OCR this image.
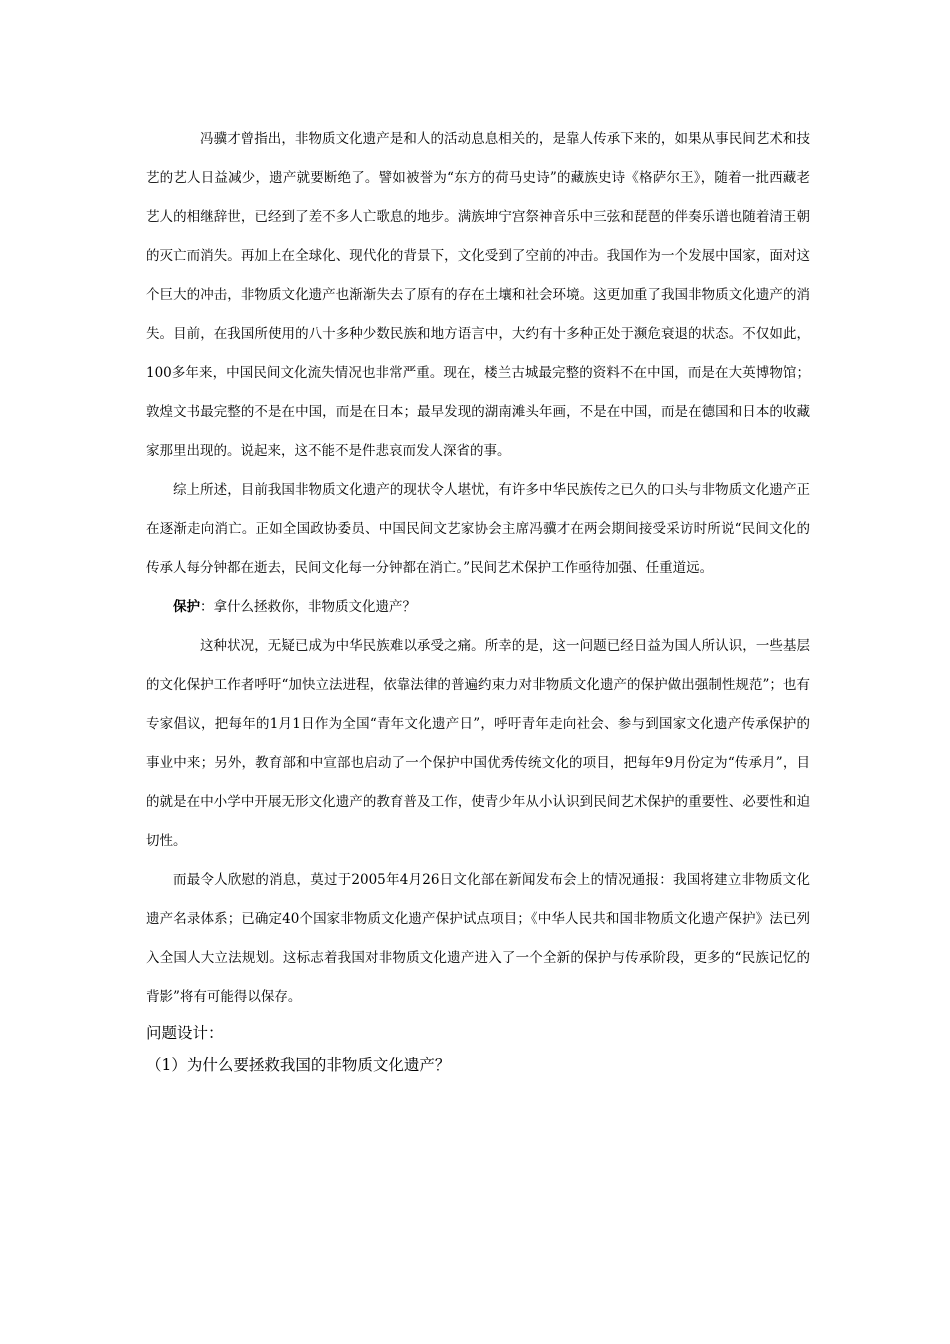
冯骥才曾指出，非物质文化遗产是和人的活动息息相关的，是靠人传承下来的，如果从事民间艺术和技艺的艺人日益减少，遗产就要断绝了。譬如被誉为“东方的荷马史诗”的藏族史诗《格萨尔王》，随着一批西藏老艺人的相继辞世，已经到了差不多人亡歌息的地步。满族坤宁宫祭神音乐中三弦和琵琶的伴奏乐谱也随着清王朝的灭亡而消失。再加上在全球化、现代化的背景下，文化受到了空前的冲击。我国作为一个发展中国家，面对这个巨大的冲击，非物质文化遗产也渐渐失去了原有的存在土壤和社会环境。这更加重了我国非物质文化遗产的消失。目前，在我国所使用的八十多种少数民族和地方语言中，大约有十多种正处于濒危衰退的状态。不仅如此，100多年来，中国民间文化流失情况也非常严重。现在，楼兰古城最完整的资料不在中国，而是在大英博物馆；敦煌文书最完整的不是在中国，而是在日本；最早发现的湖南滩头年画，不是在中国，而是在德国和日本的收藏家那里出现的。说起来，这不能不是件悲哀而发人深省的事。

综上所述，目前我国非物质文化遗产的现状令人堪忧，有许多中华民族传之已久的口头与非物质文化遗产正在逐渐走向消亡。正如全国政协委员、中国民间文艺家协会主席冯骥才在两会期间接受采访时所说“民间文化的传承人每分钟都在逝去，民间文化每一分钟都在消亡。”民间艺术保护工作亟待加强、任重道远。

保护：拿什么拯救你，非物质文化遗产？

这种状况，无疑已成为中华民族难以承受之痛。所幸的是，这一问题已经日益为国人所认识，一些基层的文化保护工作者呼吁“加快立法进程，依靠法律的普遍约束力对非物质文化遗产的保护做出强制性规范”；也有专家倡议，把每年的1月1日作为全国“青年文化遗产日”，呼吁青年走向社会、参与到国家文化遗产传承保护的事业中来；另外，教育部和中宣部也启动了一个保护中国优秀传统文化的项目，把每年9月份定为“传承月”，目的就是在中小学中开展无形文化遗产的教育普及工作，使青少年从小认识到民间艺术保护的重要性、必要性和迫切性。

而最令人欣慰的消息，莫过于2005年4月26日文化部在新闻发布会上的情况通报：我国将建立非物质文化遗产名录体系；已确定40个国家非物质文化遗产保护试点项目；《中华人民共和国非物质文化遗产保护》法已列入全国人大立法规划。这标志着我国对非物质文化遗产进入了一个全新的保护与传承阶段，更多的“民族记忆的背影”将有可能得以保存。

问题设计：

（1）为什么要拯救我国的非物质文化遗产？
